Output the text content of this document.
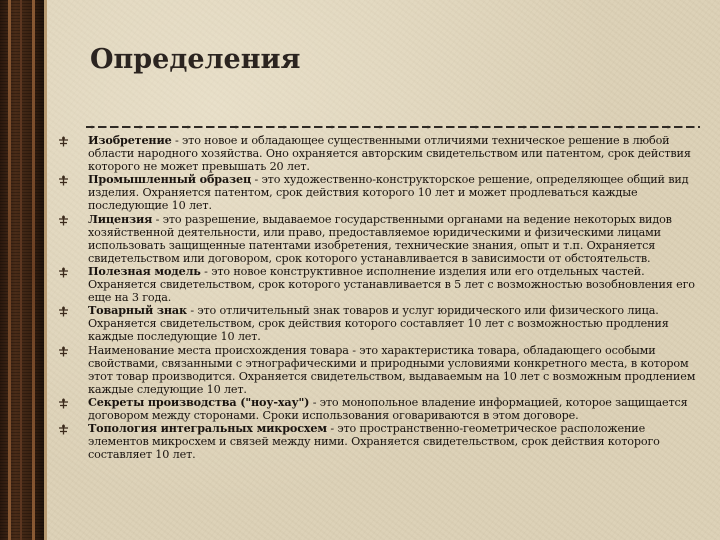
Определения

Изобретение - это новое и обладающее существенными отличиями техническое решение в любой области народного хозяйства. Оно охраняется авторским свидетельством или патентом, срок действия которого не может превышать 20 лет.

Промышленный образец - это художественно-конструкторское решение, определяющее общий вид изделия. Охраняется патентом, срок действия которого 10 лет и может продлеваться каждые последующие 10 лет.

Лицензия - это разрешение, выдаваемое государственными органами на ведение некоторых видов хозяйственной деятельности, или право, предоставляемое юридическими и физическими лицами использовать защищенные патентами изобретения, технические знания, опыт и т.п. Охраняется свидетельством или договором, срок которого устанавливается в зависимости от обстоятельств.

Полезная модель - это новое конструктивное исполнение изделия или его отдельных частей. Охраняется свидетельством, срок которого устанавливается в 5 лет с возможностью возобновления его еще на 3 года.

Товарный знак - это отличительный знак товаров и услуг юридического или физического лица. Охраняется свидетельством, срок действия которого составляет 10 лет с возможностью продления каждые последующие 10 лет.

Наименование места происхождения товара - это характеристика товара, обладающего особыми свойствами, связанными с этнографическими и природными условиями конкретного места, в котором этот товар производится. Охраняется свидетельством, выдаваемым на 10 лет с возможным продлением каждые следующие 10 лет.

Секреты производства ("ноу-хау") - это монопольное владение информацией, которое защищается договором между сторонами. Сроки использования оговариваются в этом договоре.

Топология интегральных микросхем - это пространственно-геометрическое расположение элементов микросхем и связей между ними. Охраняется свидетельством, срок действия которого составляет 10 лет.
